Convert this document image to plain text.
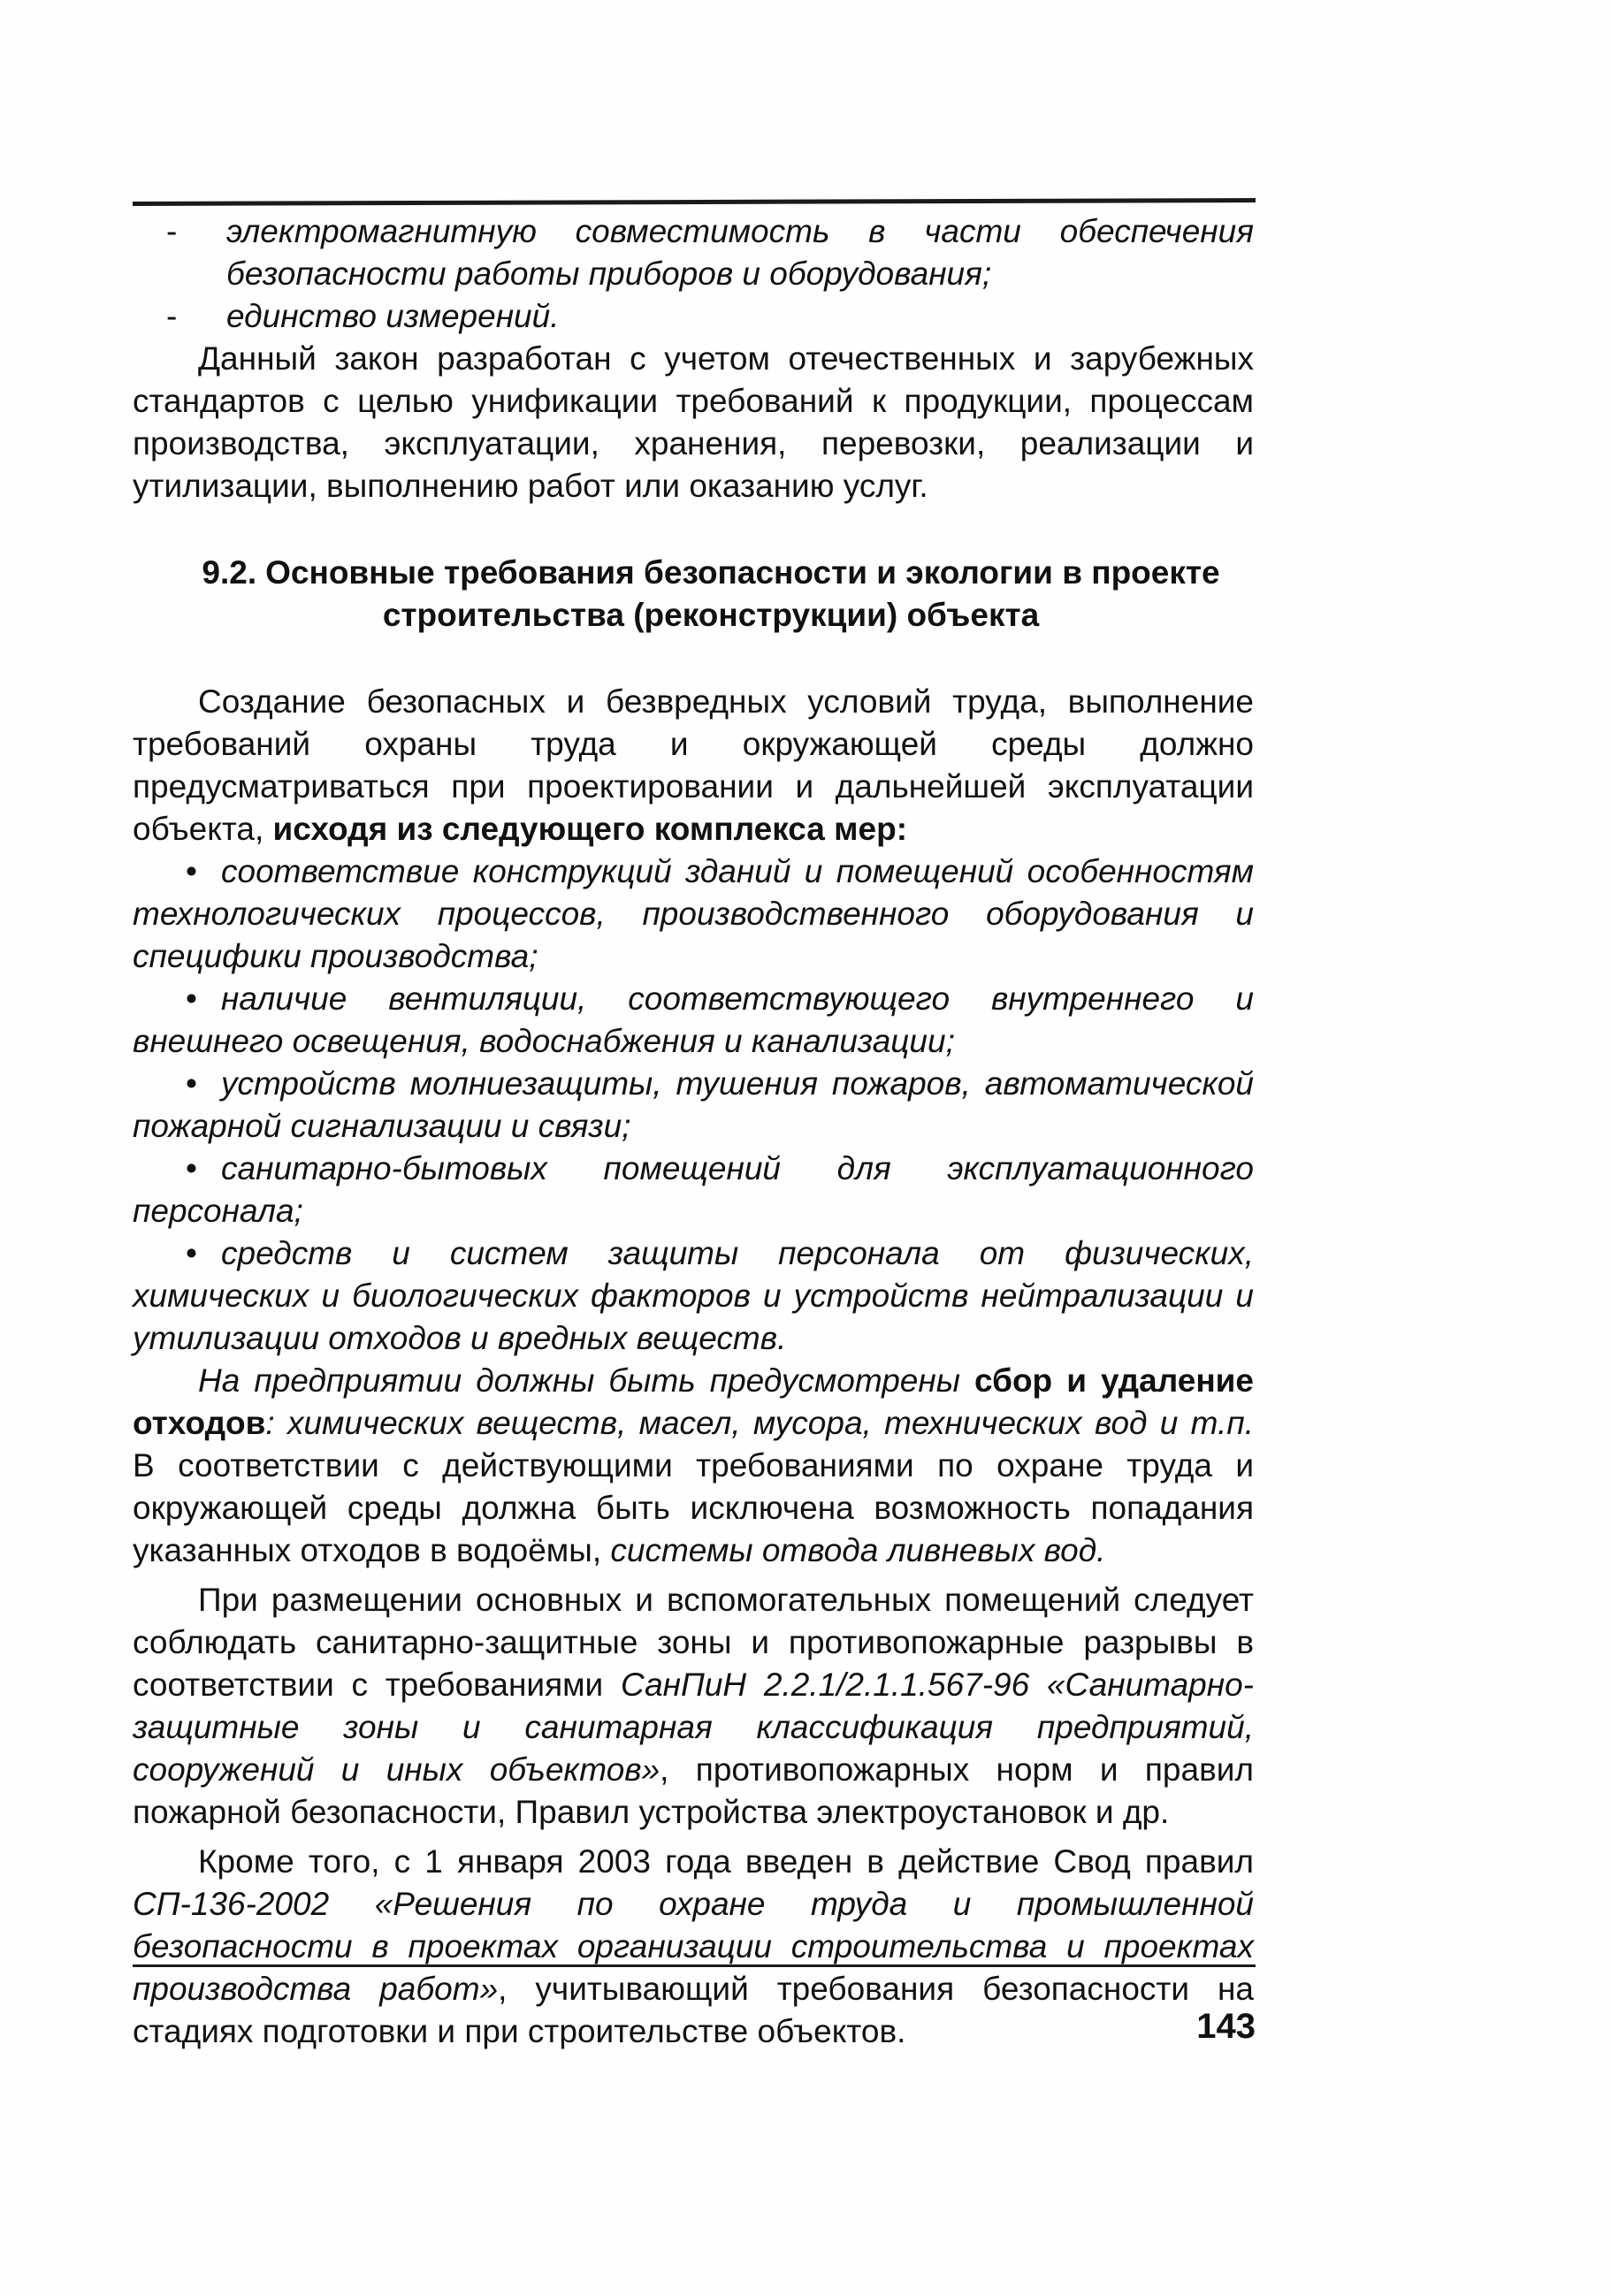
- электромагнитную совместимость в части обеспечения безопасности работы приборов и оборудования;

- единство измерений.

Данный закон разработан с учетом отечественных и зарубежных стандартов с целью унификации требований к продукции, процессам производства, эксплуатации, хранения, перевозки, реализации и утилизации, выполнению работ или оказанию услуг.

9.2. Основные требования безопасности и экологии в проекте
строительства (реконструкции) объекта

Создание безопасных и безвредных условий труда, выполнение требований охраны труда и окружающей среды должно предусматриваться при проектировании и дальнейшей эксплуатации объекта, исходя из следующего комплекса мер:

• соответствие конструкций зданий и помещений особенностям технологических процессов, производственного оборудования и специфики производства;

• наличие вентиляции, соответствующего внутреннего и внешнего освещения, водоснабжения и канализации;

• устройств молниезащиты, тушения пожаров, автоматической пожарной сигнализации и связи;

• санитарно-бытовых помещений для эксплуатационного персонала;

• средств и систем защиты персонала от физических, химических и биологических факторов и устройств нейтрализации и утилизации отходов и вредных веществ.

На предприятии должны быть предусмотрены сбор и удаление отходов: химических веществ, масел, мусора, технических вод и т.п. В соответствии с действующими требованиями по охране труда и окружающей среды должна быть исключена возможность попадания указанных отходов в водоёмы, системы отвода ливневых вод.

При размещении основных и вспомогательных помещений следует соблюдать санитарно-защитные зоны и противопожарные разрывы в соответствии с требованиями СанПиН 2.2.1/2.1.1.567-96 «Санитарно-защитные зоны и санитарная классификация предприятий, сооружений и иных объектов», противопожарных норм и правил пожарной безопасности, Правил устройства электроустановок и др.

Кроме того, с 1 января 2003 года введен в действие Свод правил СП-136-2002 «Решения по охране труда и промышленной безопасности в проектах организации строительства и проектах производства работ», учитывающий требования безопасности на стадиях подготовки и при строительстве объектов.	143
